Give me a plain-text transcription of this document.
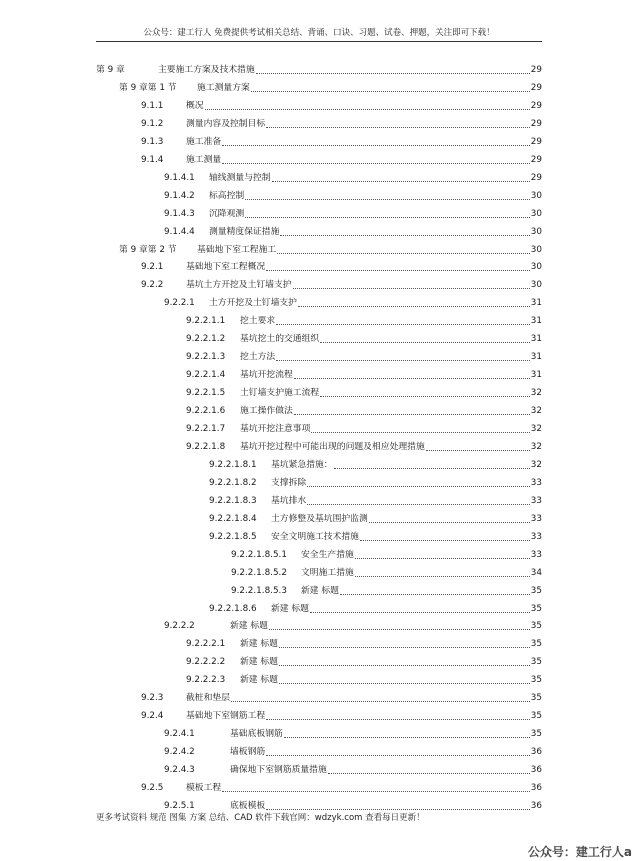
公众号：建工行人 免费提供考试相关总结、背诵、口诀、习题、试卷、押题，关注即可下载！
第 9 章	主要施工方案及技术措施	29
第 9 章第 1 节	施工测量方案	29
9.1.1	概况	29
9.1.2	测量内容及控制目标	29
9.1.3	施工准备	29
9.1.4	施工测量	29
9.1.4.1	轴线测量与控制	29
9.1.4.2	标高控制	30
9.1.4.3	沉降观测	30
9.1.4.4	测量精度保证措施	30
第 9 章第 2 节	基础地下室工程施工	30
9.2.1	基础地下室工程概况	30
9.2.2	基坑土方开挖及土钉墙支护	30
9.2.2.1	土方开挖及土钉墙支护	31
9.2.2.1.1	挖土要求	31
9.2.2.1.2	基坑挖土的交通组织	31
9.2.2.1.3	挖土方法	31
9.2.2.1.4	基坑开挖流程	31
9.2.2.1.5	土钉墙支护施工流程	32
9.2.2.1.6	施工操作做法	32
9.2.2.1.7	基坑开挖注意事项	32
9.2.2.1.8	基坑开挖过程中可能出现的问题及相应处理措施	32
9.2.2.1.8.1	基坑紧急措施：	32
9.2.2.1.8.2	支撑拆除	33
9.2.2.1.8.3	基坑排水	33
9.2.2.1.8.4	土方修整及基坑围护监测	33
9.2.2.1.8.5	安全文明施工技术措施	33
9.2.2.1.8.5.1	安全生产措施	33
9.2.2.1.8.5.2	文明施工措施	34
9.2.2.1.8.5.3	新建 标题	35
9.2.2.1.8.6	新建 标题	35
9.2.2.2	新建 标题	35
9.2.2.2.1	新建 标题	35
9.2.2.2.2	新建 标题	35
9.2.2.2.3	新建 标题	35
9.2.3	截桩和垫层	35
9.2.4	基础地下室钢筋工程	35
9.2.4.1	基础底板钢筋	35
9.2.4.2	墙板钢筋	36
9.2.4.3	确保地下室钢筋质量措施	36
9.2.5	模板工程	36
9.2.5.1	底板模板	36
更多考试资料 规范 图集 方案 总结、CAD 软件下载官网：wdzyk.com 查看每日更新！
公众号：建工行人a
